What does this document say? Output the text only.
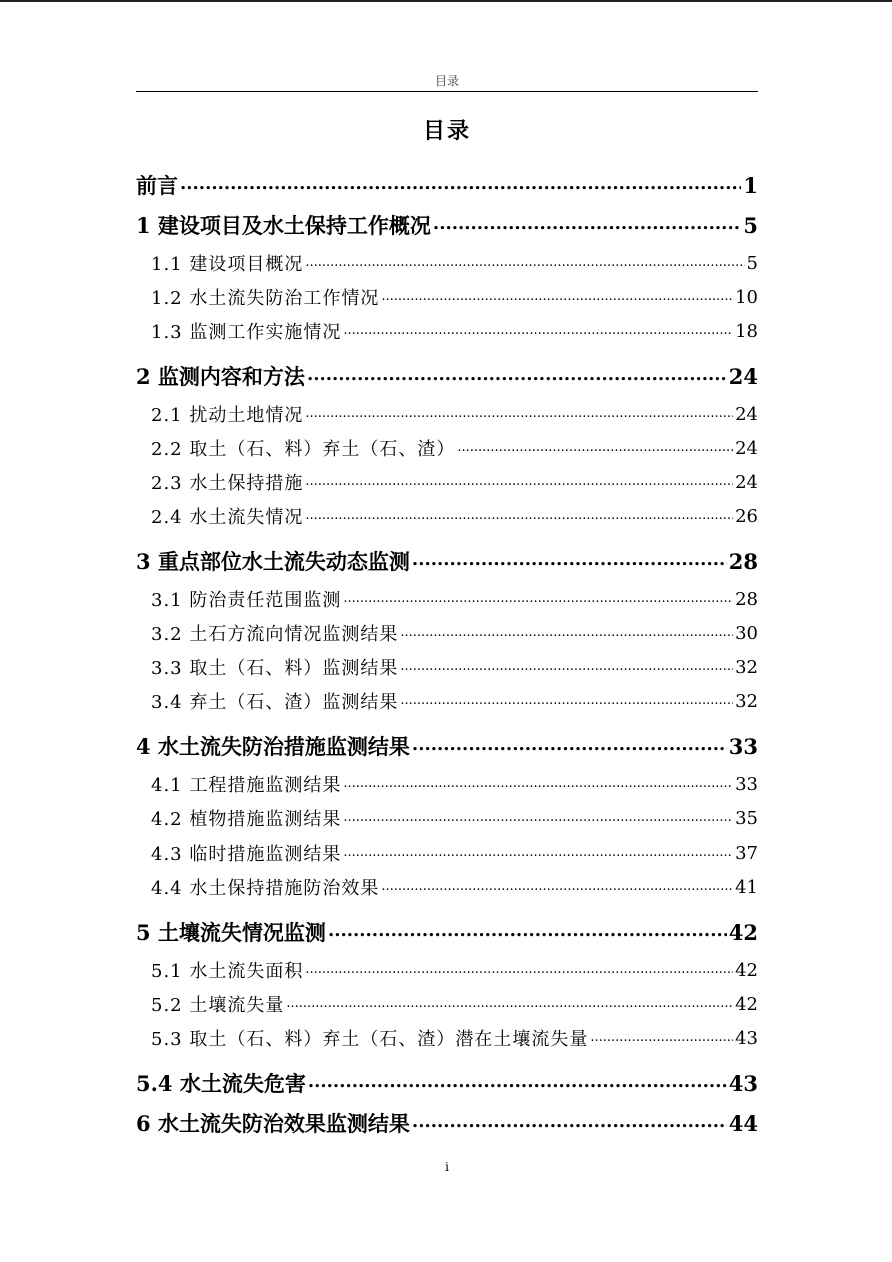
目录
目录
前言 .....	1
1 建设项目及水土保持工作概况 .....	5
1.1 建设项目概况 .....	5
1.2 水土流失防治工作情况 .....	10
1.3 监测工作实施情况 .....	18
2 监测内容和方法 .....	24
2.1 扰动土地情况 .....	24
2.2 取土（石、料）弃土（石、渣） .....	24
2.3 水土保持措施 .....	24
2.4 水土流失情况 .....	26
3 重点部位水土流失动态监测 .....	28
3.1 防治责任范围监测 .....	28
3.2 土石方流向情况监测结果 .....	30
3.3 取土（石、料）监测结果 .....	32
3.4 弃土（石、渣）监测结果 .....	32
4 水土流失防治措施监测结果 .....	33
4.1 工程措施监测结果 .....	33
4.2 植物措施监测结果 .....	35
4.3 临时措施监测结果 .....	37
4.4 水土保持措施防治效果 .....	41
5 土壤流失情况监测 .....	42
5.1 水土流失面积 .....	42
5.2 土壤流失量 .....	42
5.3 取土（石、料）弃土（石、渣）潜在土壤流失量 .....	43
5.4 水土流失危害 .....	43
6 水土流失防治效果监测结果 .....	44
i
